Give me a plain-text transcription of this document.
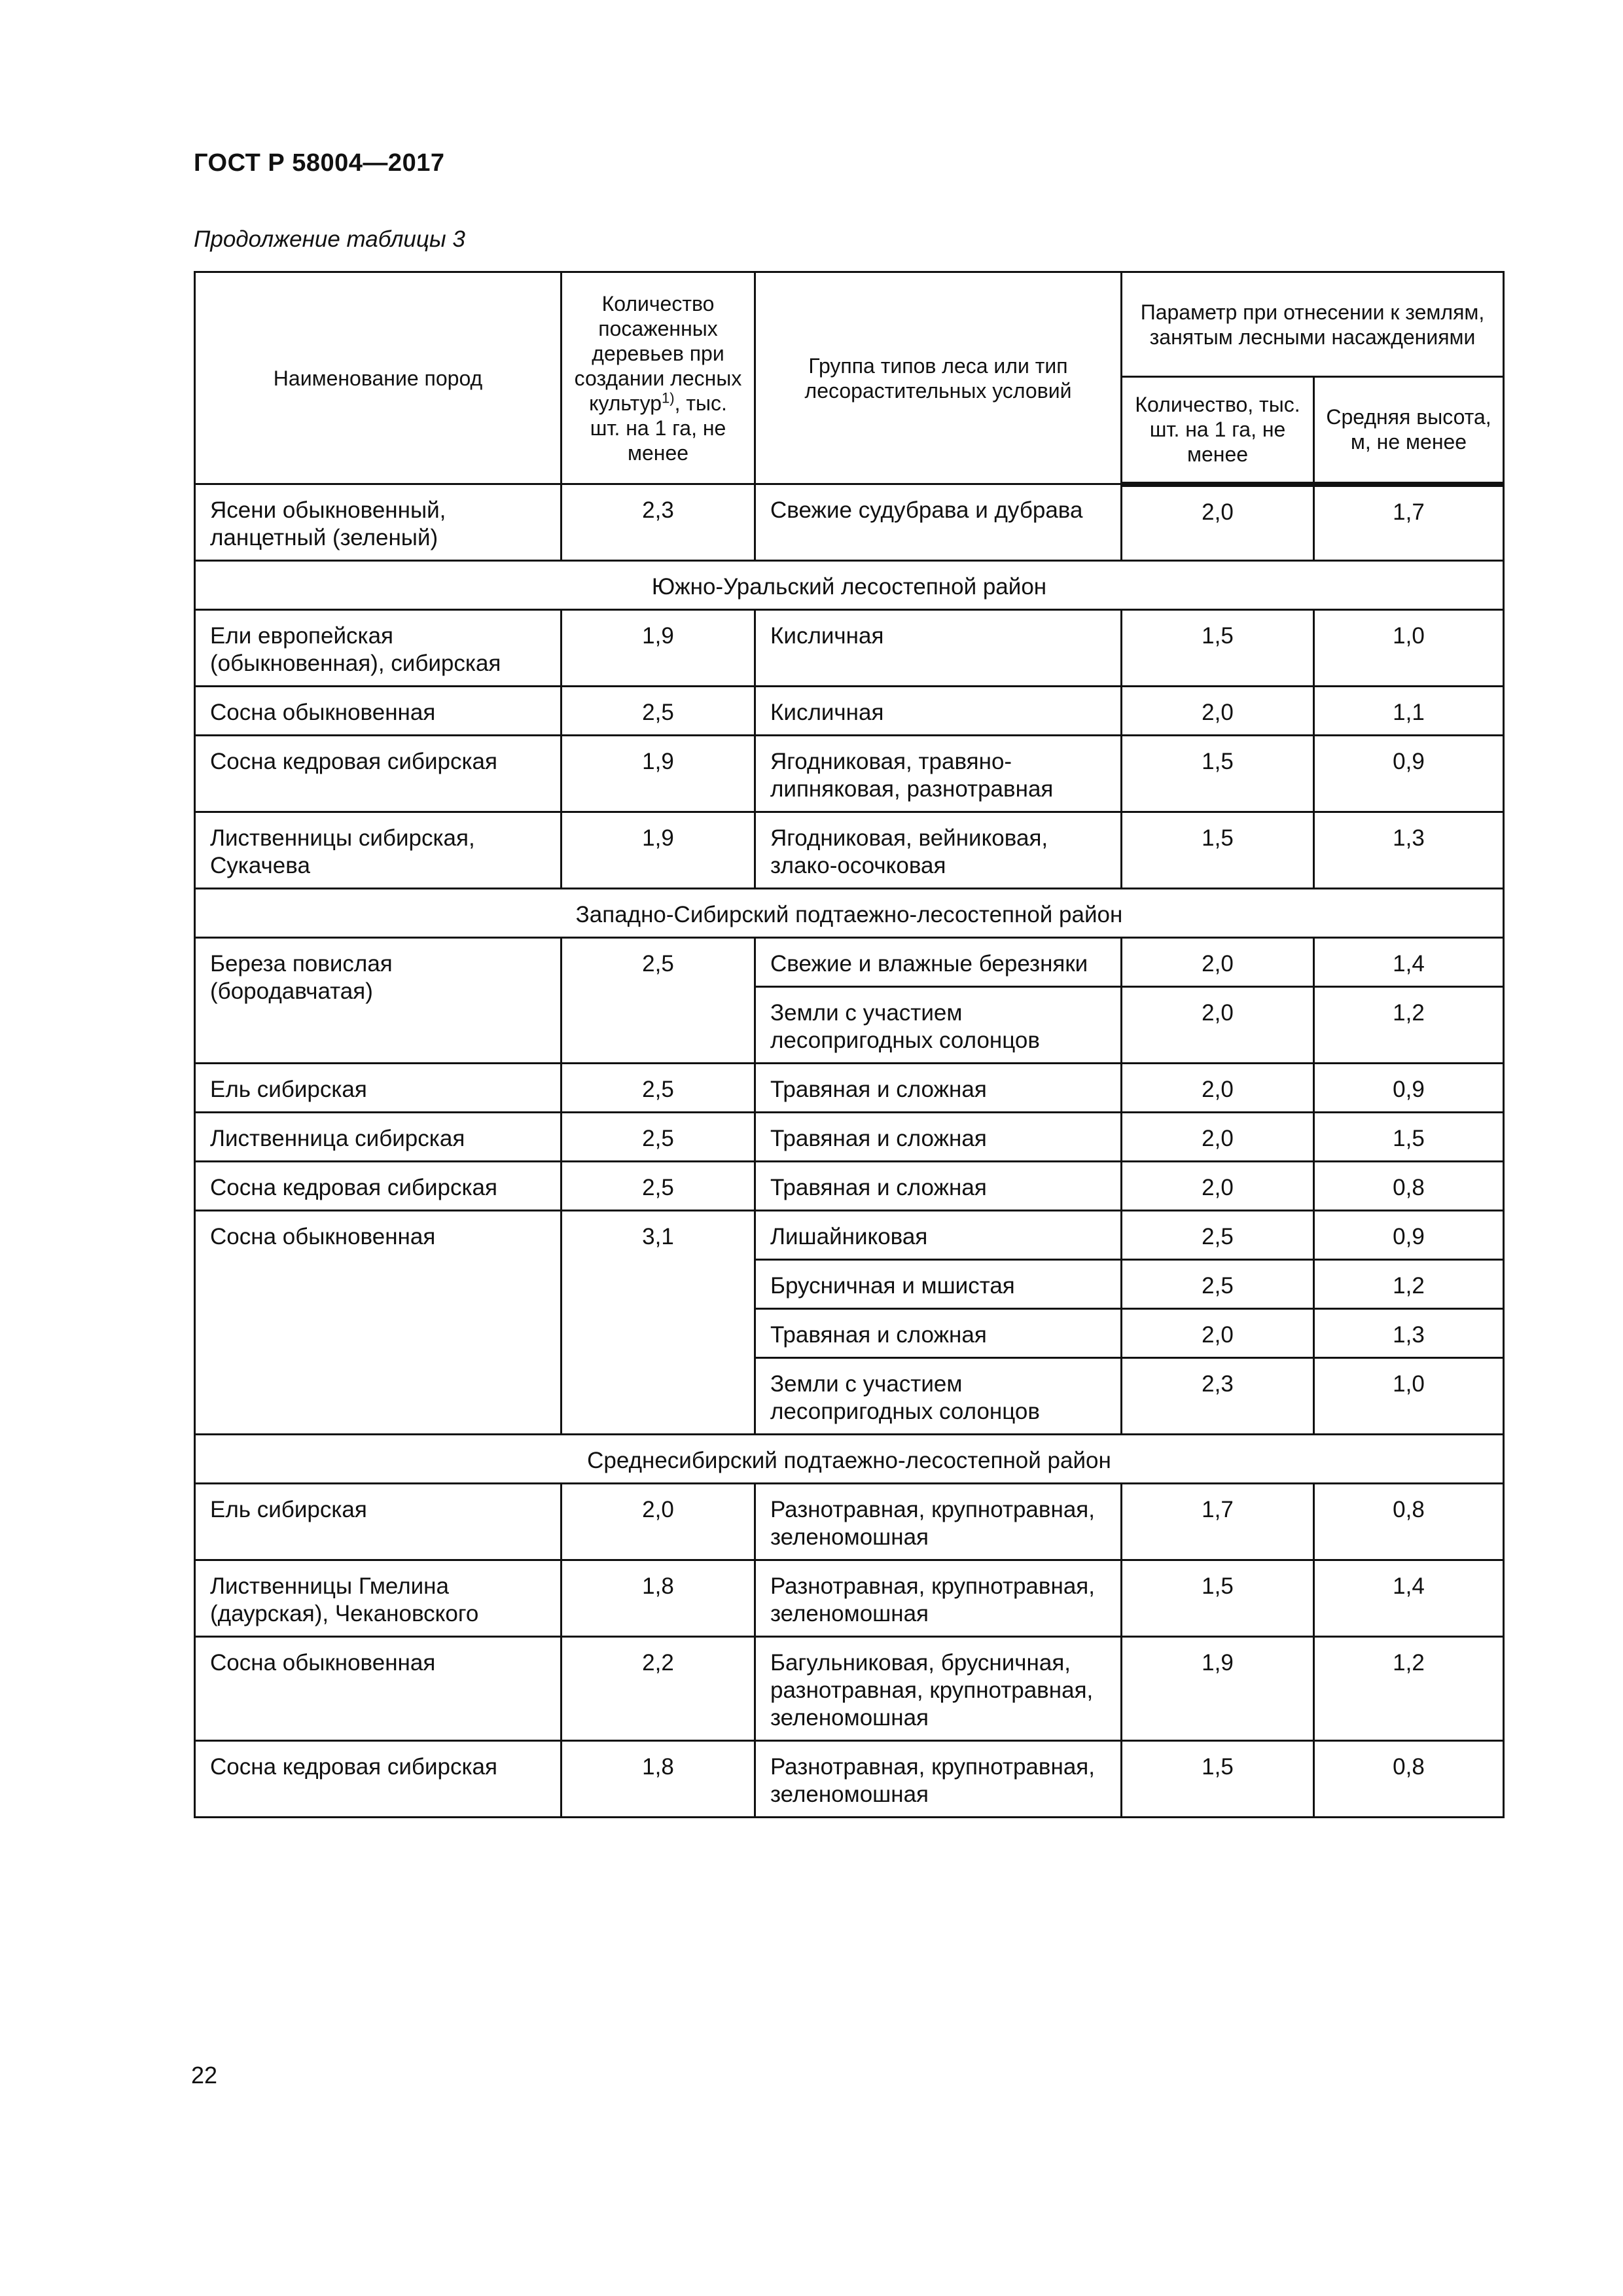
ГОСТ Р 58004—2017
Продолжение таблицы 3
Наименование пород	Количество посаженных деревьев при создании лесных культур$^{1)}$, тыс. шт. на 1 га, не менее	Группа типов леса или тип лесорастительных условий	Параметр при отнесении к землям, занятым лесными насаждениями	
			Количество, тыс. шт. на 1 га, не менее	Средняя высота, м, не менее
Ясени обыкновенный, ланцетный (зеленый)	2,3	Свежие судубрава и дубрава	2,0	1,7
Южно-Уральский лесостепной район				
Ели европейская (обыкновенная), сибирская	1,9	Кисличная	1,5	1,0
Сосна обыкновенная	2,5	Кисличная	2,0	1,1
Сосна кедровая сибирская	1,9	Ягодниковая, травяно-липняковая, разнотравная	1,5	0,9
Лиственницы сибирская, Сукачева	1,9	Ягодниковая, вейниковая, злако-осочковая	1,5	1,3
Западно-Сибирский подтаежно-лесостепной район				
Береза повислая (бородавчатая)	2,5	Свежие и влажные березняки	2,0	1,4
		Земли с участием лесопригодных солонцов	2,0	1,2
Ель сибирская	2,5	Травяная и сложная	2,0	0,9
Лиственница сибирская	2,5	Травяная и сложная	2,0	1,5
Сосна кедровая сибирская	2,5	Травяная и сложная	2,0	0,8
Сосна обыкновенная	3,1	Лишайниковая	2,5	0,9
		Брусничная и мшистая	2,5	1,2
		Травяная и сложная	2,0	1,3
		Земли с участием лесопригодных солонцов	2,3	1,0
Среднесибирский подтаежно-лесостепной район				
Ель сибирская	2,0	Разнотравная, крупнотравная, зеленомошная	1,7	0,8
Лиственницы Гмелина (даурская), Чекановского	1,8	Разнотравная, крупнотравная, зеленомошная	1,5	1,4
Сосна обыкновенная	2,2	Багульниковая, брусничная, разнотравная, крупнотравная, зеленомошная	1,9	1,2
Сосна кедровая сибирская	1,8	Разнотравная, крупнотравная, зеленомошная	1,5	0,8
22
